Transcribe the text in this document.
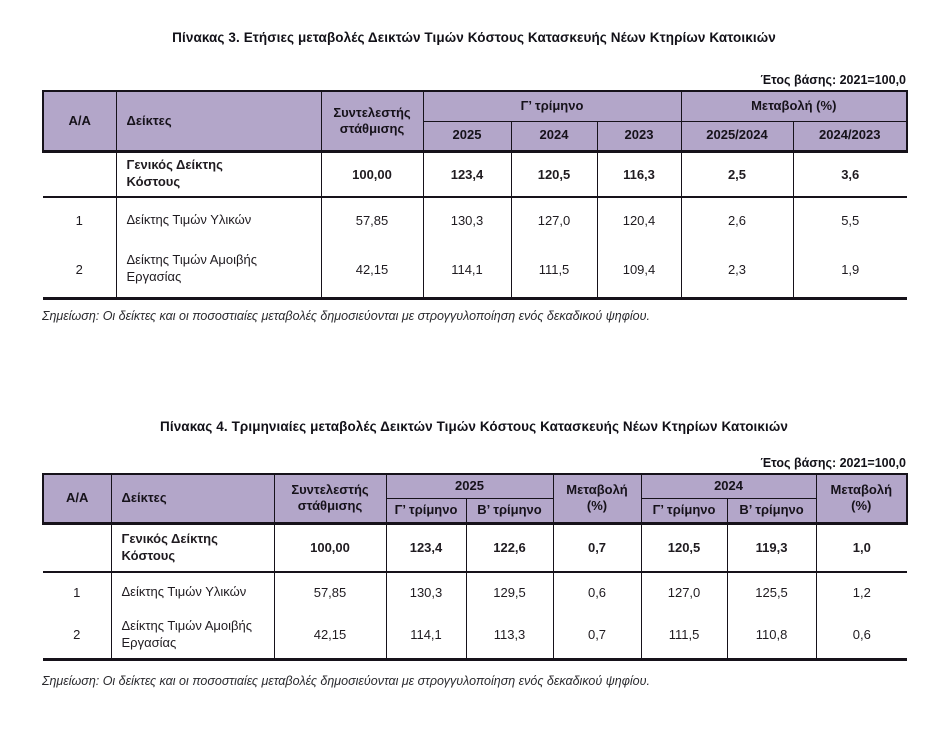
Πίνακας 3. Ετήσιες μεταβολές Δεικτών Τιμών Κόστους Κατασκευής Νέων Κτηρίων Κατοικιών
Έτος βάσης: 2021=100,0
Α/Α	Δείκτες	Συντελεστής στάθμισης	Γ’ τρίμηνο			Μεταβολή (%)	
			2025	2024	2023	2025/2024	2024/2023
	Γενικός Δείκτης Κόστους	100,00	123,4	120,5	116,3	2,5	3,6
1	Δείκτης Τιμών Υλικών	57,85	130,3	127,0	120,4	2,6	5,5
2	Δείκτης Τιμών Αμοιβής Εργασίας	42,15	114,1	111,5	109,4	2,3	1,9

Σημείωση: Οι δείκτες και οι ποσοστιαίες μεταβολές δημοσιεύονται με στρογγυλοποίηση ενός δεκαδικού ψηφίου.

Πίνακας 4. Τριμηνιαίες μεταβολές Δεικτών Τιμών Κόστους Κατασκευής Νέων Κτηρίων Κατοικιών
Έτος βάσης: 2021=100,0
Α/Α	Δείκτες	Συντελεστής στάθμισης	2025		Μεταβολή (%)	2024		Μεταβολή (%)
			Γ’ τρίμηνο	Β’ τρίμηνο		Γ’ τρίμηνο	Β’ τρίμηνο	
	Γενικός Δείκτης Κόστους	100,00	123,4	122,6	0,7	120,5	119,3	1,0
1	Δείκτης Τιμών Υλικών	57,85	130,3	129,5	0,6	127,0	125,5	1,2
2	Δείκτης Τιμών Αμοιβής Εργασίας	42,15	114,1	113,3	0,7	111,5	110,8	0,6

Σημείωση: Οι δείκτες και οι ποσοστιαίες μεταβολές δημοσιεύονται με στρογγυλοποίηση ενός δεκαδικού ψηφίου.
